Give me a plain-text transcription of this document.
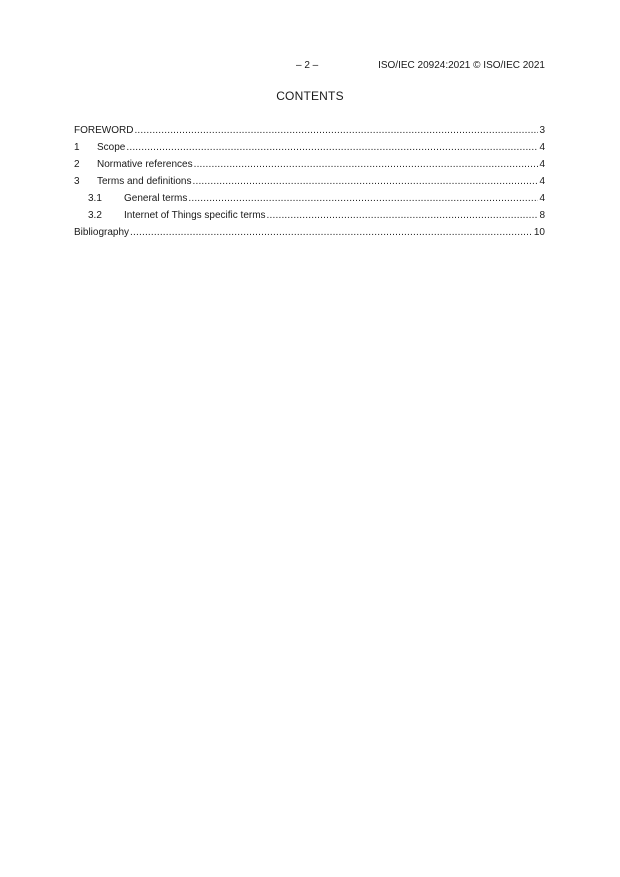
– 2 –	ISO/IEC 20924:2021 © ISO/IEC 2021
CONTENTS
FOREWORD .....	3
1	Scope .....	4
2	Normative references .....	4
3	Terms and definitions .....	4
3.1	General terms .....	4
3.2	Internet of Things specific terms .....	8
Bibliography .....	10
